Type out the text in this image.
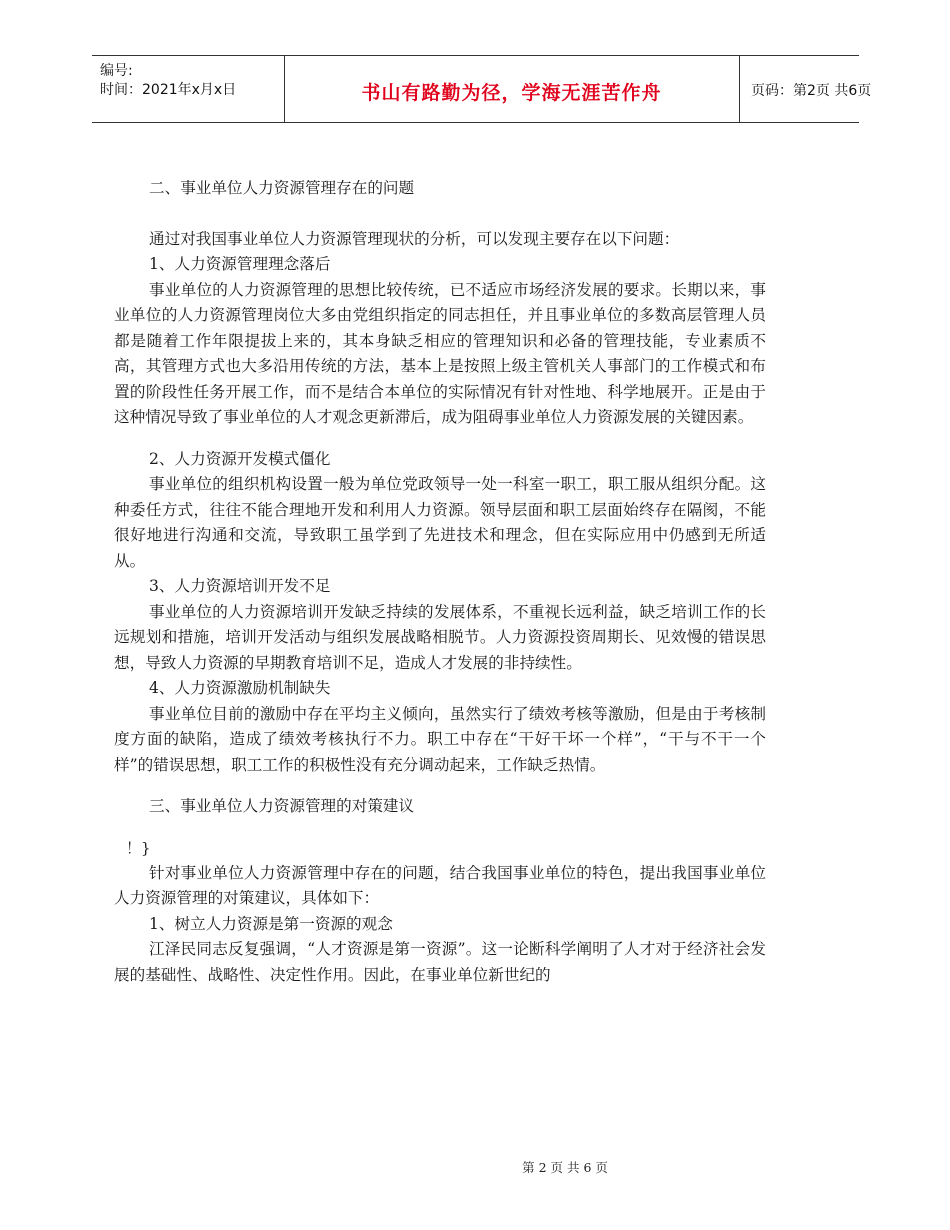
编号:
时间：2021年x月x日	书山有路勤为径，学海无涯苦作舟	页码：第2页 共6页

二、事业单位人力资源管理存在的问题

通过对我国事业单位人力资源管理现状的分析，可以发现主要存在以下问题：

1、人力资源管理理念落后

事业单位的人力资源管理的思想比较传统，已不适应市场经济发展的要求。长期以来，事业单位的人力资源管理岗位大多由党组织指定的同志担任，并且事业单位的多数高层管理人员都是随着工作年限提拔上来的，其本身缺乏相应的管理知识和必备的管理技能，专业素质不高，其管理方式也大多沿用传统的方法，基本上是按照上级主管机关人事部门的工作模式和布置的阶段性任务开展工作，而不是结合本单位的实际情况有针对性地、科学地展开。正是由于这种情况导致了事业单位的人才观念更新滞后，成为阻碍事业单位人力资源发展的关键因素。

2、人力资源开发模式僵化

事业单位的组织机构设置一般为单位党政领导一处一科室一职工，职工服从组织分配。这种委任方式，往往不能合理地开发和利用人力资源。领导层面和职工层面始终存在隔阂，不能很好地进行沟通和交流，导致职工虽学到了先进技术和理念，但在实际应用中仍感到无所适从。

3、人力资源培训开发不足

事业单位的人力资源培训开发缺乏持续的发展体系，不重视长远利益，缺乏培训工作的长远规划和措施，培训开发活动与组织发展战略相脱节。人力资源投资周期长、见效慢的错误思想，导致人力资源的早期教育培训不足，造成人才发展的非持续性。

4、人力资源激励机制缺失

事业单位目前的激励中存在平均主义倾向，虽然实行了绩效考核等激励，但是由于考核制度方面的缺陷，造成了绩效考核执行不力。职工中存在“干好干坏一个样”，“干与不干一个样”的错误思想，职工工作的积极性没有充分调动起来，工作缺乏热情。

三、事业单位人力资源管理的对策建议

！}

针对事业单位人力资源管理中存在的问题，结合我国事业单位的特色，提出我国事业单位人力资源管理的对策建议，具体如下：

1、树立人力资源是第一资源的观念

江泽民同志反复强调，“人才资源是第一资源”。这一论断科学阐明了人才对于经济社会发展的基础性、战略性、决定性作用。因此，在事业单位新世纪的

第 2 页 共 6 页
